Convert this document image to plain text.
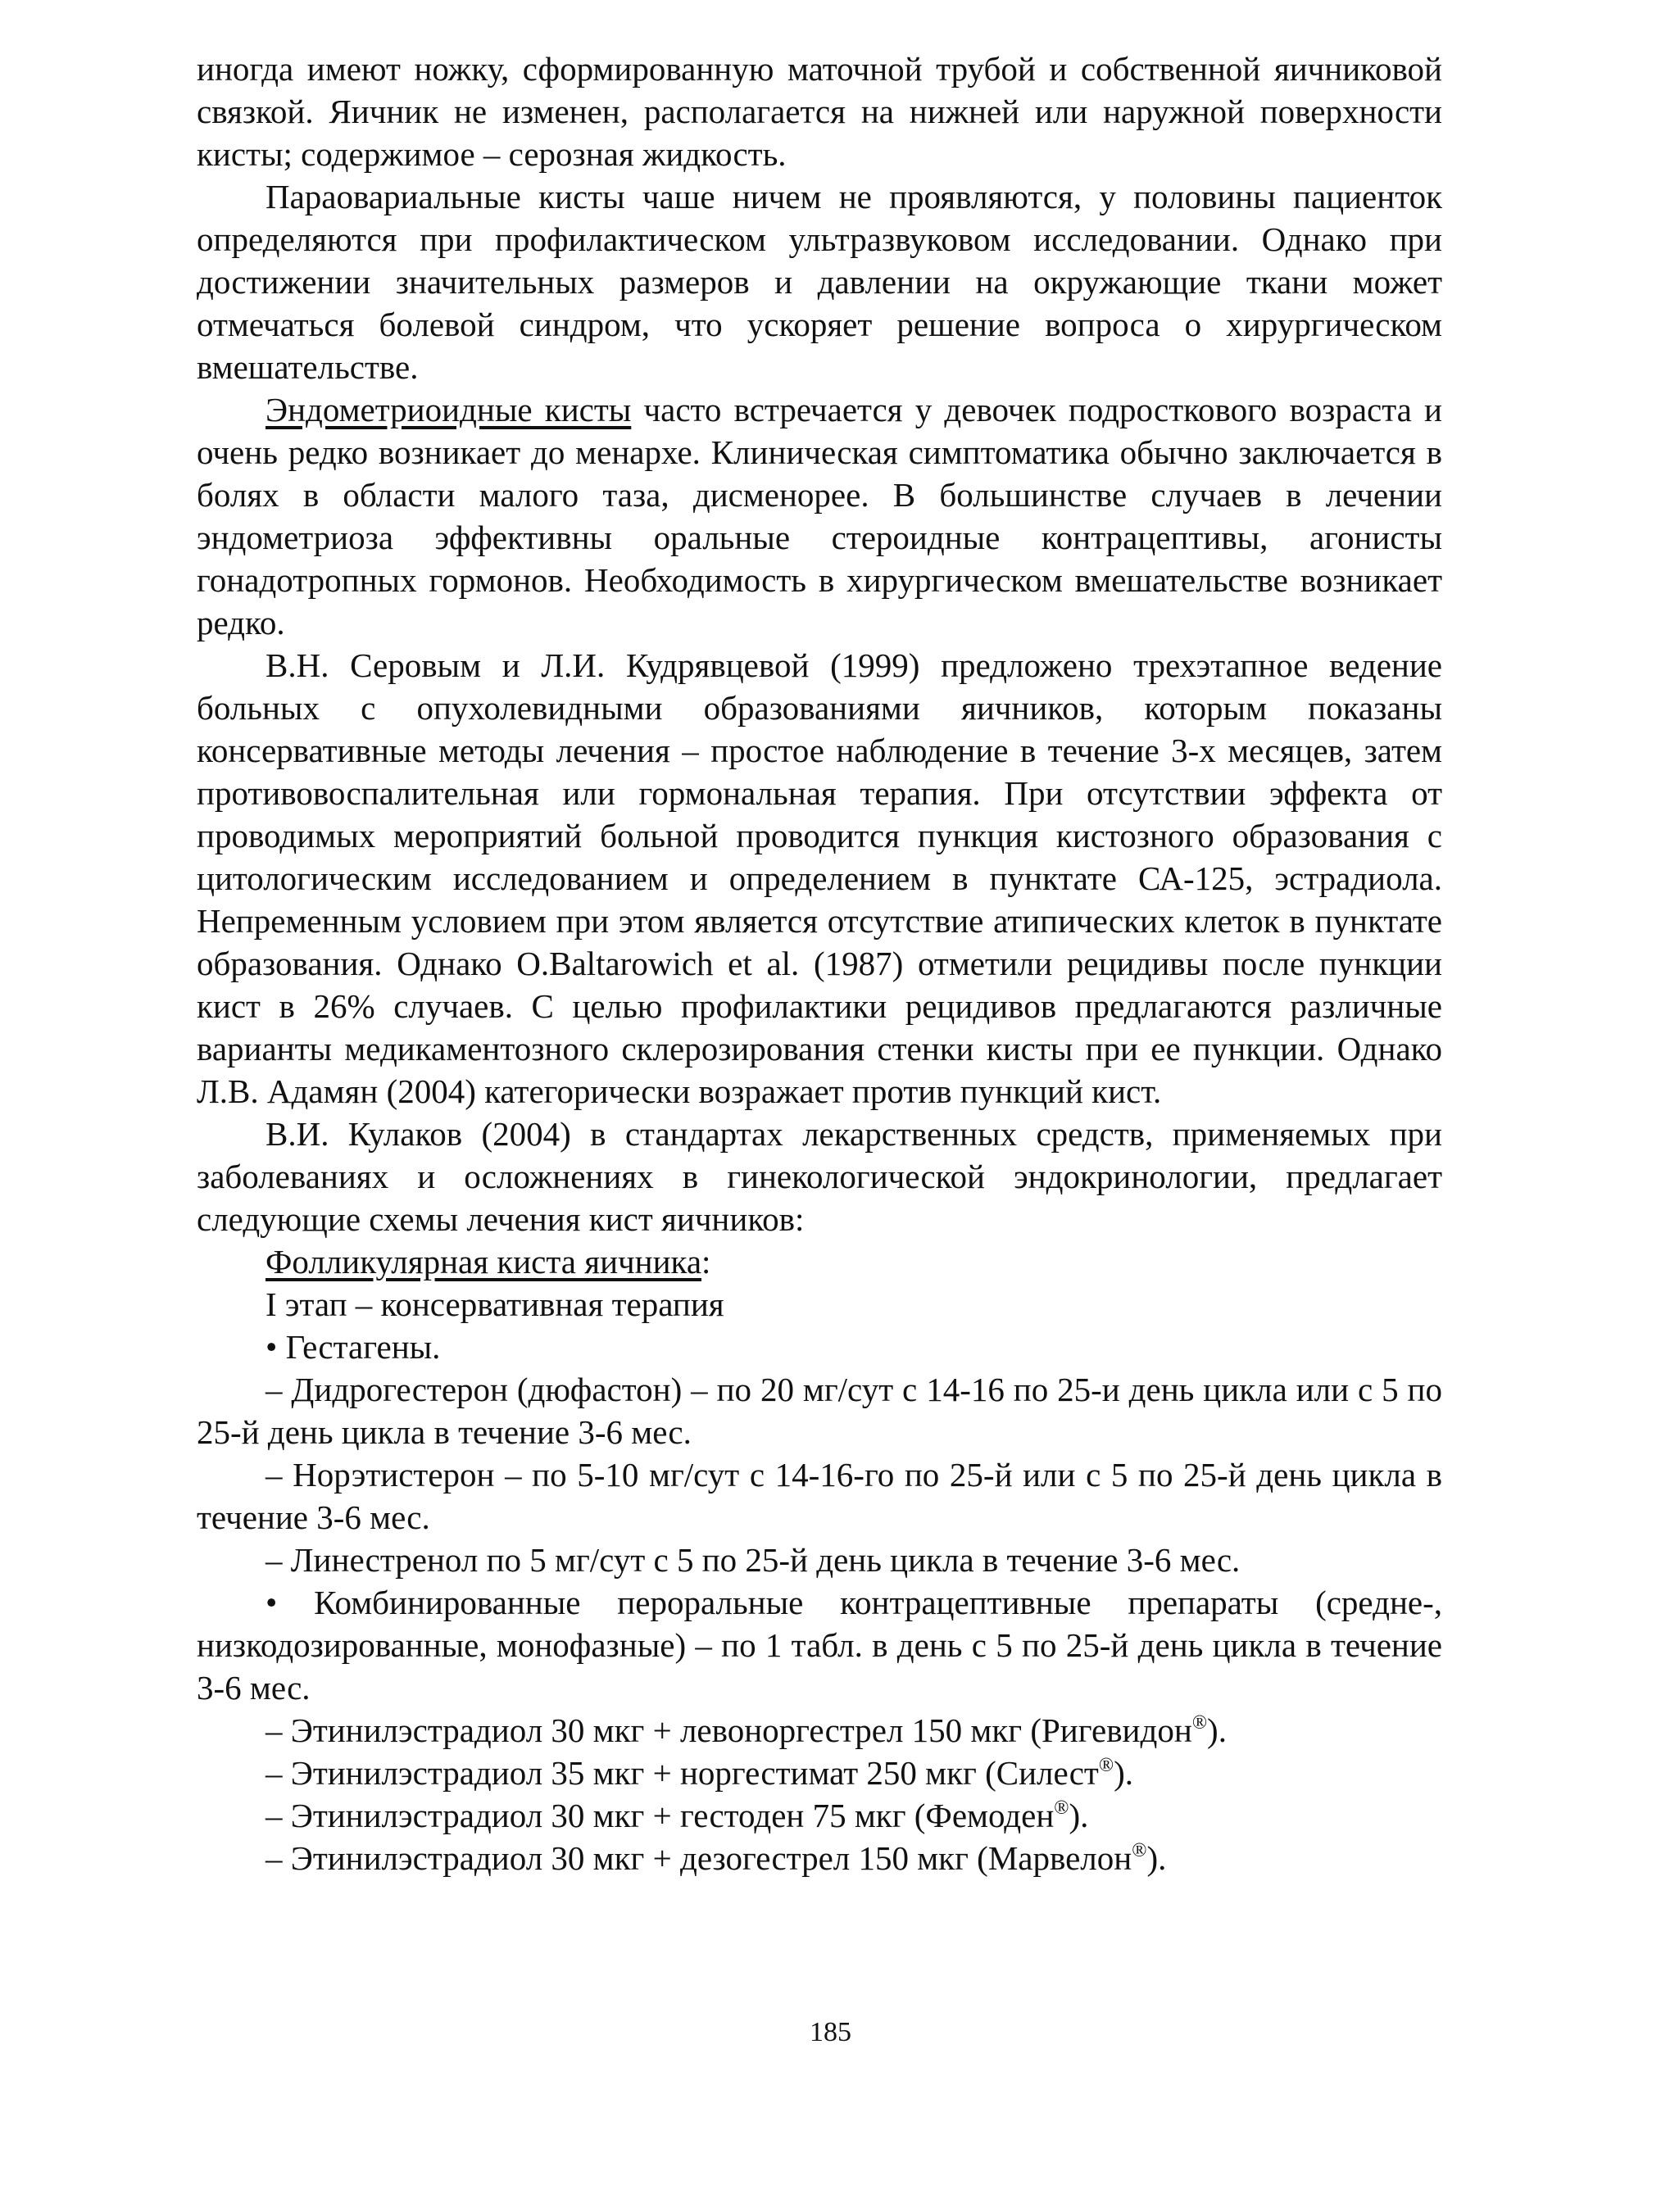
иногда имеют ножку, сформированную маточной трубой и собственной яичниковой связкой. Яичник не изменен, располагается на нижней или наружной поверхности кисты; содержимое – серозная жидкость.

Параовариальные кисты чаше ничем не проявляются, у половины пациенток определяются при профилактическом ультразвуковом исследовании. Однако при достижении значительных размеров и давлении на окружающие ткани может отмечаться болевой синдром, что ускоряет решение вопроса о хирургическом вмешательстве.

Эндометриоидные кисты часто встречается у девочек подросткового возраста и очень редко возникает до менархе. Клиническая симптоматика обычно заключается в болях в области малого таза, дисменорее. В большинстве случаев в лечении эндометриоза эффективны оральные стероидные контрацептивы, агонисты гонадотропных гормонов. Необходимость в хирургическом вмешательстве возникает редко.

В.Н. Серовым и Л.И. Кудрявцевой (1999) предложено трехэтапное ведение больных с опухолевидными образованиями яичников, которым показаны консервативные методы лечения – простое наблюдение в течение 3-х месяцев, затем противовоспалительная или гормональная терапия. При отсутствии эффекта от проводимых мероприятий больной проводится пункция кистозного образования с цитологическим исследованием и определением в пунктате СА-125, эстрадиола. Непременным условием при этом является отсутствие атипических клеток в пунктате образования. Однако O.Baltarowich et al. (1987) отметили рецидивы после пункции кист в 26% случаев. С целью профилактики рецидивов предлагаются различные варианты медикаментозного склерозирования стенки кисты при ее пункции. Однако Л.В. Адамян (2004) категорически возражает против пункций кист.

В.И. Кулаков (2004) в стандартах лекарственных средств, применяемых при заболеваниях и осложнениях в гинекологической эндокринологии, предлагает следующие схемы лечения кист яичников:

Фолликулярная киста яичника:

I этап – консервативная терапия

• Гестагены.

– Дидрогестерон (дюфастон) – по 20 мг/сут с 14-16 по 25-и день цикла или с 5 по 25-й день цикла в течение 3-6 мес.

– Норэтистерон – по 5-10 мг/сут с 14-16-го по 25-й или с 5 по 25-й день цикла в течение 3-6 мес.

– Линестренол по 5 мг/сут с 5 по 25-й день цикла в течение 3-6 мес.

• Комбинированные пероральные контрацептивные препараты (средне-, низкодозированные, монофазные) – по 1 табл. в день с 5 по 25-й день цикла в течение 3-6 мес.

– Этинилэстрадиол 30 мкг + левоноргестрел 150 мкг (Ригевидон®).

– Этинилэстрадиол 35 мкг + норгестимат 250 мкг (Силест®).

– Этинилэстрадиол 30 мкг + гестоден 75 мкг (Фемоден®).

– Этинилэстрадиол 30 мкг + дезогестрел 150 мкг (Марвелон®).

185
